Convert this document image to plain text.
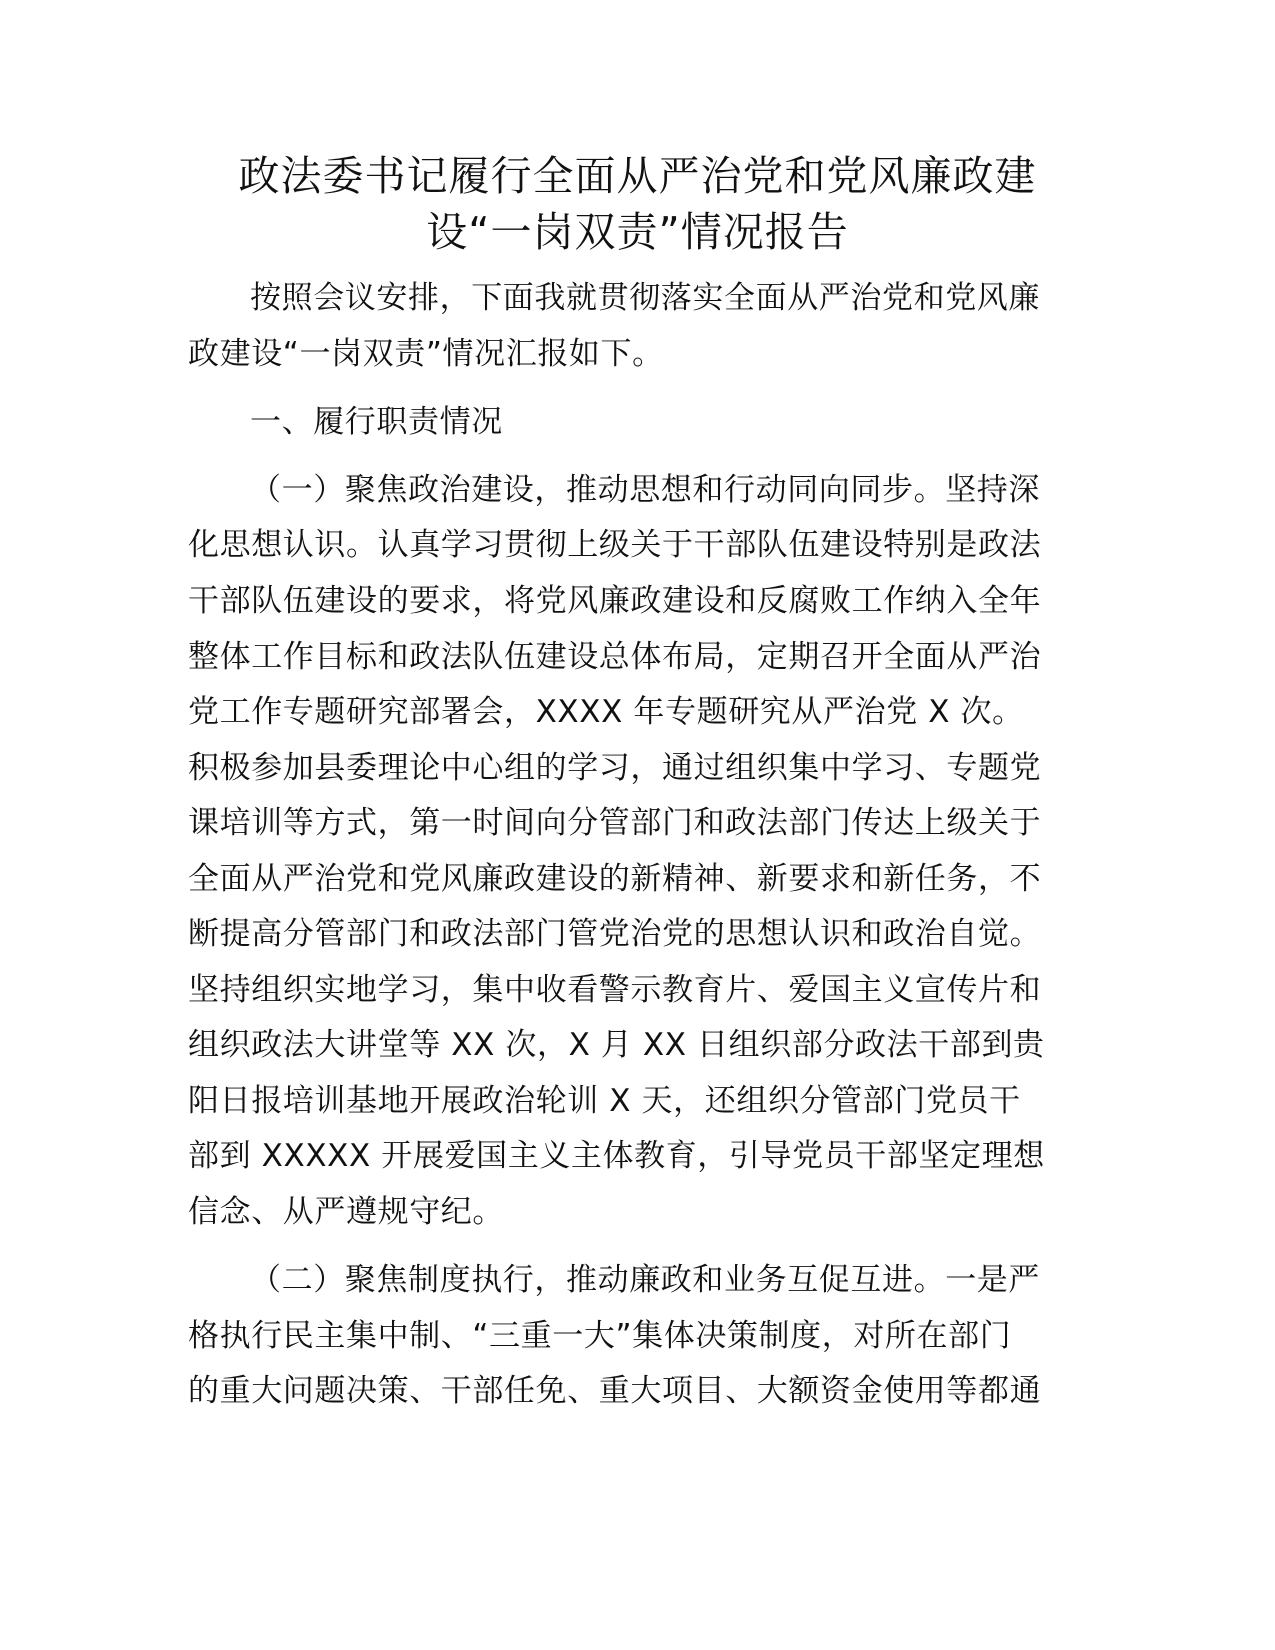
政法委书记履行全面从严治党和党风廉政建
设“一岗双责”情况报告
按照会议安排，下面我就贯彻落实全面从严治党和党风廉
政建设“一岗双责”情况汇报如下。
一、履行职责情况
（一）聚焦政治建设，推动思想和行动同向同步。坚持深
化思想认识。认真学习贯彻上级关于干部队伍建设特别是政法
干部队伍建设的要求，将党风廉政建设和反腐败工作纳入全年
整体工作目标和政法队伍建设总体布局，定期召开全面从严治
党工作专题研究部署会，XXXX 年专题研究从严治党 X 次。
积极参加县委理论中心组的学习，通过组织集中学习、专题党
课培训等方式，第一时间向分管部门和政法部门传达上级关于
全面从严治党和党风廉政建设的新精神、新要求和新任务，不
断提高分管部门和政法部门管党治党的思想认识和政治自觉。
坚持组织实地学习，集中收看警示教育片、爱国主义宣传片和
组织政法大讲堂等 XX 次，X 月 XX 日组织部分政法干部到贵
阳日报培训基地开展政治轮训 X 天，还组织分管部门党员干
部到 XXXXX 开展爱国主义主体教育，引导党员干部坚定理想
信念、从严遵规守纪。
（二）聚焦制度执行，推动廉政和业务互促互进。一是严
格执行民主集中制、“三重一大”集体决策制度，对所在部门
的重大问题决策、干部任免、重大项目、大额资金使用等都通
